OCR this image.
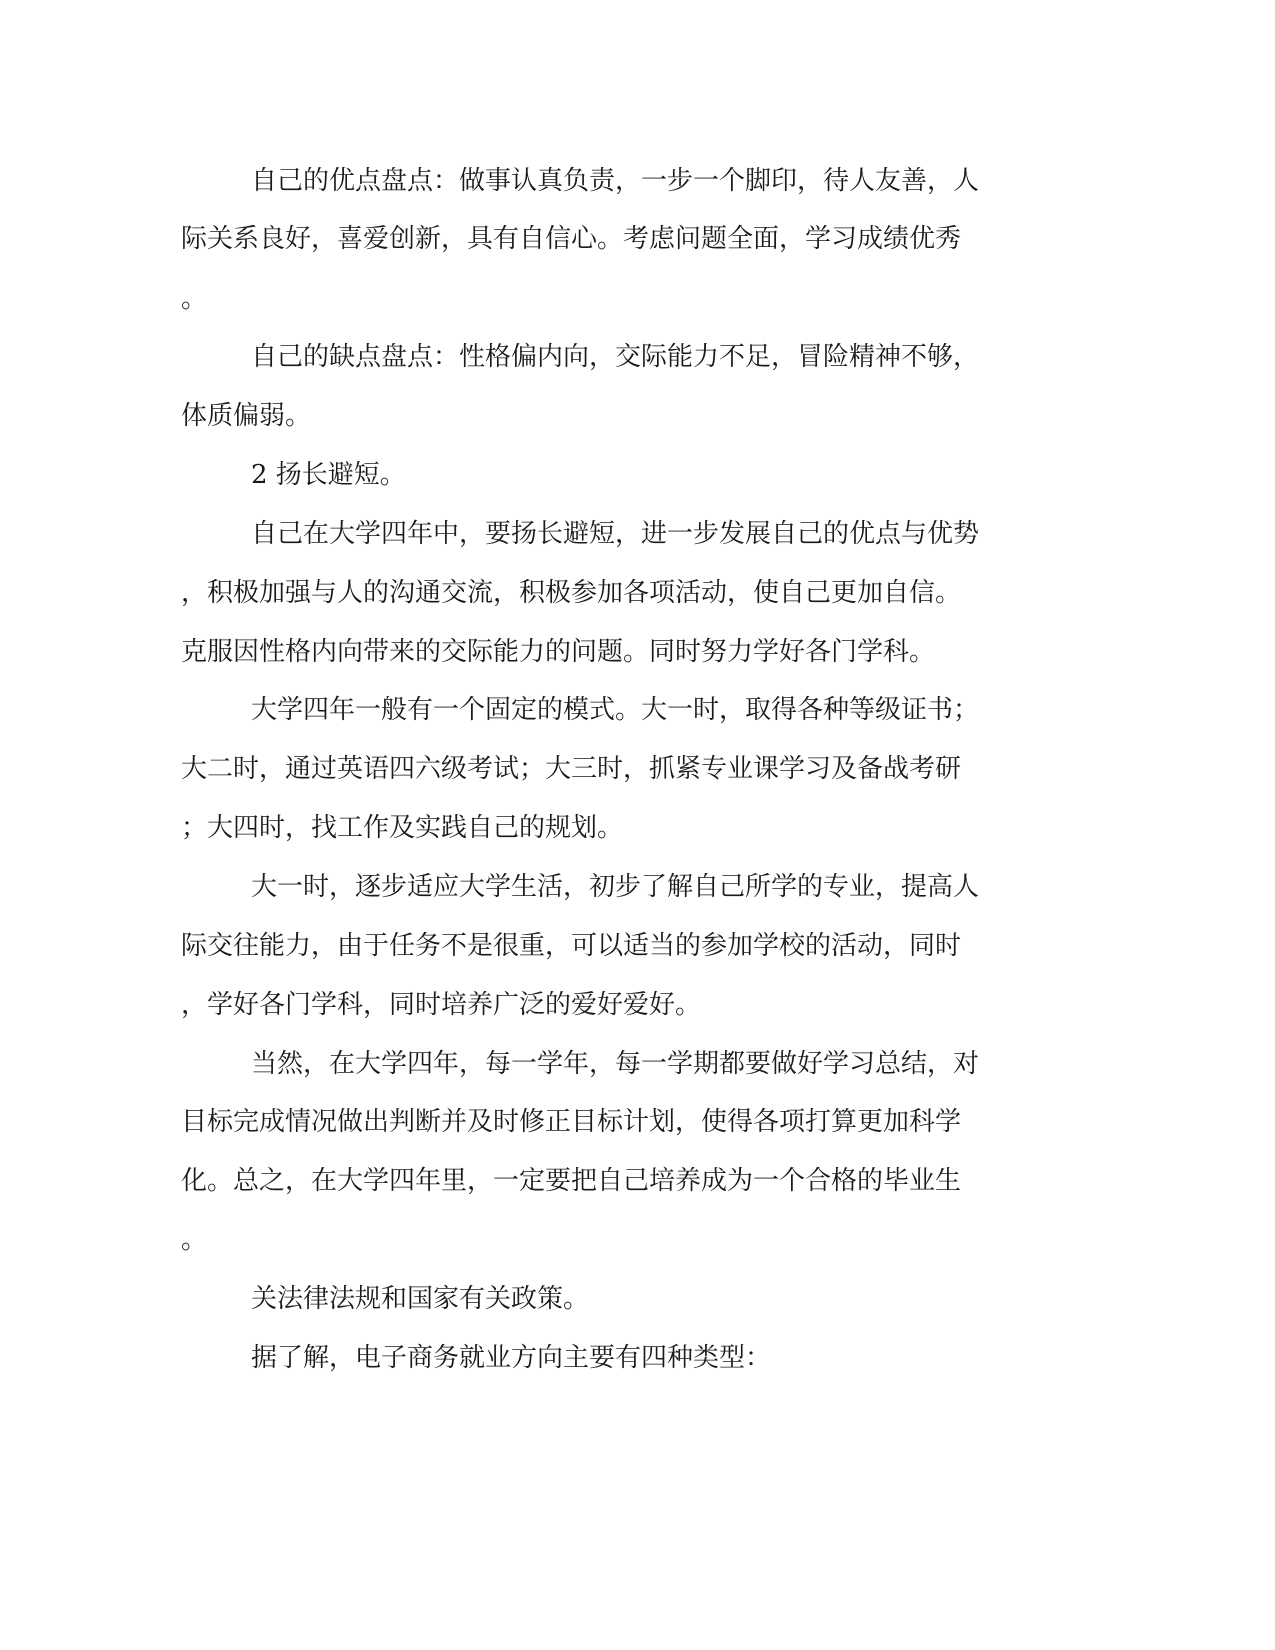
自己的优点盘点：做事认真负责，一步一个脚印，待人友善，人
际关系良好，喜爱创新，具有自信心。考虑问题全面，学习成绩优秀
。
自己的缺点盘点：性格偏内向，交际能力不足，冒险精神不够，
体质偏弱。
2 扬长避短。
自己在大学四年中，要扬长避短，进一步发展自己的优点与优势
，积极加强与人的沟通交流，积极参加各项活动，使自己更加自信。
克服因性格内向带来的交际能力的问题。同时努力学好各门学科。
大学四年一般有一个固定的模式。大一时，取得各种等级证书；
大二时，通过英语四六级考试；大三时，抓紧专业课学习及备战考研
；大四时，找工作及实践自己的规划。
大一时，逐步适应大学生活，初步了解自己所学的专业，提高人
际交往能力，由于任务不是很重，可以适当的参加学校的活动，同时
，学好各门学科，同时培养广泛的爱好爱好。
当然，在大学四年，每一学年，每一学期都要做好学习总结，对
目标完成情况做出判断并及时修正目标计划，使得各项打算更加科学
化。总之，在大学四年里，一定要把自己培养成为一个合格的毕业生
。
关法律法规和国家有关政策。
据了解，电子商务就业方向主要有四种类型：
